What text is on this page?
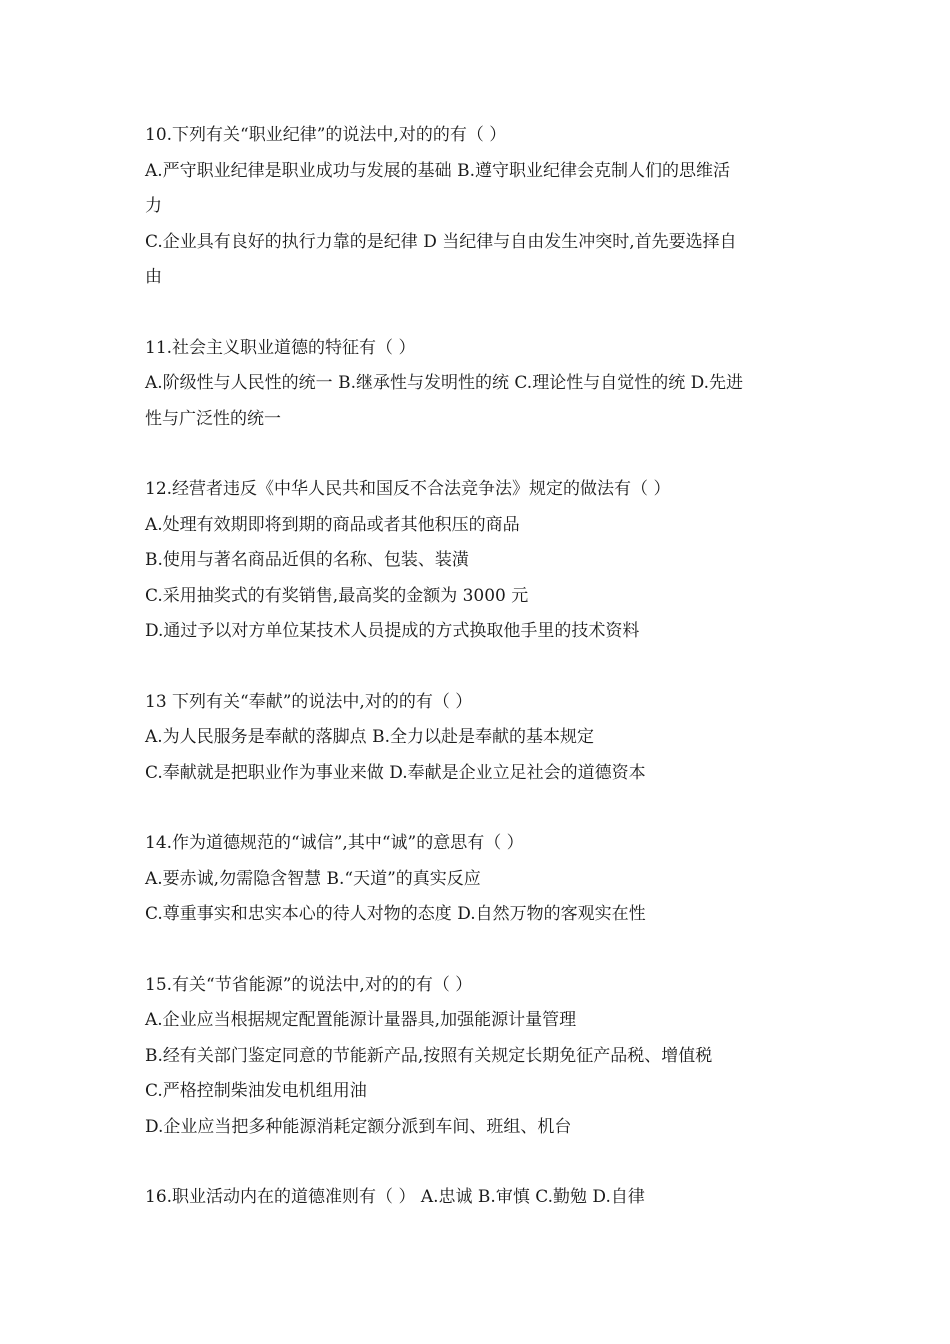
10.下列有关“职业纪律”的说法中,对的的有（ ）
A.严守职业纪律是职业成功与发展的基础 B.遵守职业纪律会克制人们的思维活
力
C.企业具有良好的执行力靠的是纪律 D 当纪律与自由发生冲突时,首先要选择自
由
11.社会主义职业道德的特征有（ ）
A.阶级性与人民性的统一 B.继承性与发明性的统 C.理论性与自觉性的统 D.先进
性与广泛性的统一
12.经营者违反《中华人民共和国反不合法竞争法》规定的做法有（ ）
A.处理有效期即将到期的商品或者其他积压的商品
B.使用与著名商品近俱的名称、包装、装潢
C.采用抽奖式的有奖销售,最高奖的金额为 3000 元
D.通过予以对方单位某技术人员提成的方式换取他手里的技术资料
13 下列有关“奉献”的说法中,对的的有（ ）
A.为人民服务是奉献的落脚点 B.全力以赴是奉献的基本规定
C.奉献就是把职业作为事业来做 D.奉献是企业立足社会的道德资本
14.作为道德规范的“诚信”,其中“诚”的意思有（ ）
A.要赤诚,勿需隐含智慧 B.“天道”的真实反应
C.尊重事实和忠实本心的待人对物的态度 D.自然万物的客观实在性
15.有关“节省能源”的说法中,对的的有（ ）
A.企业应当根据规定配置能源计量器具,加强能源计量管理
B.经有关部门鉴定同意的节能新产品,按照有关规定长期免征产品税、增值税
C.严格控制柴油发电机组用油
D.企业应当把多种能源消耗定额分派到车间、班组、机台
16.职业活动内在的道德准则有（ ） A.忠诚 B.审慎 C.勤勉 D.自律
